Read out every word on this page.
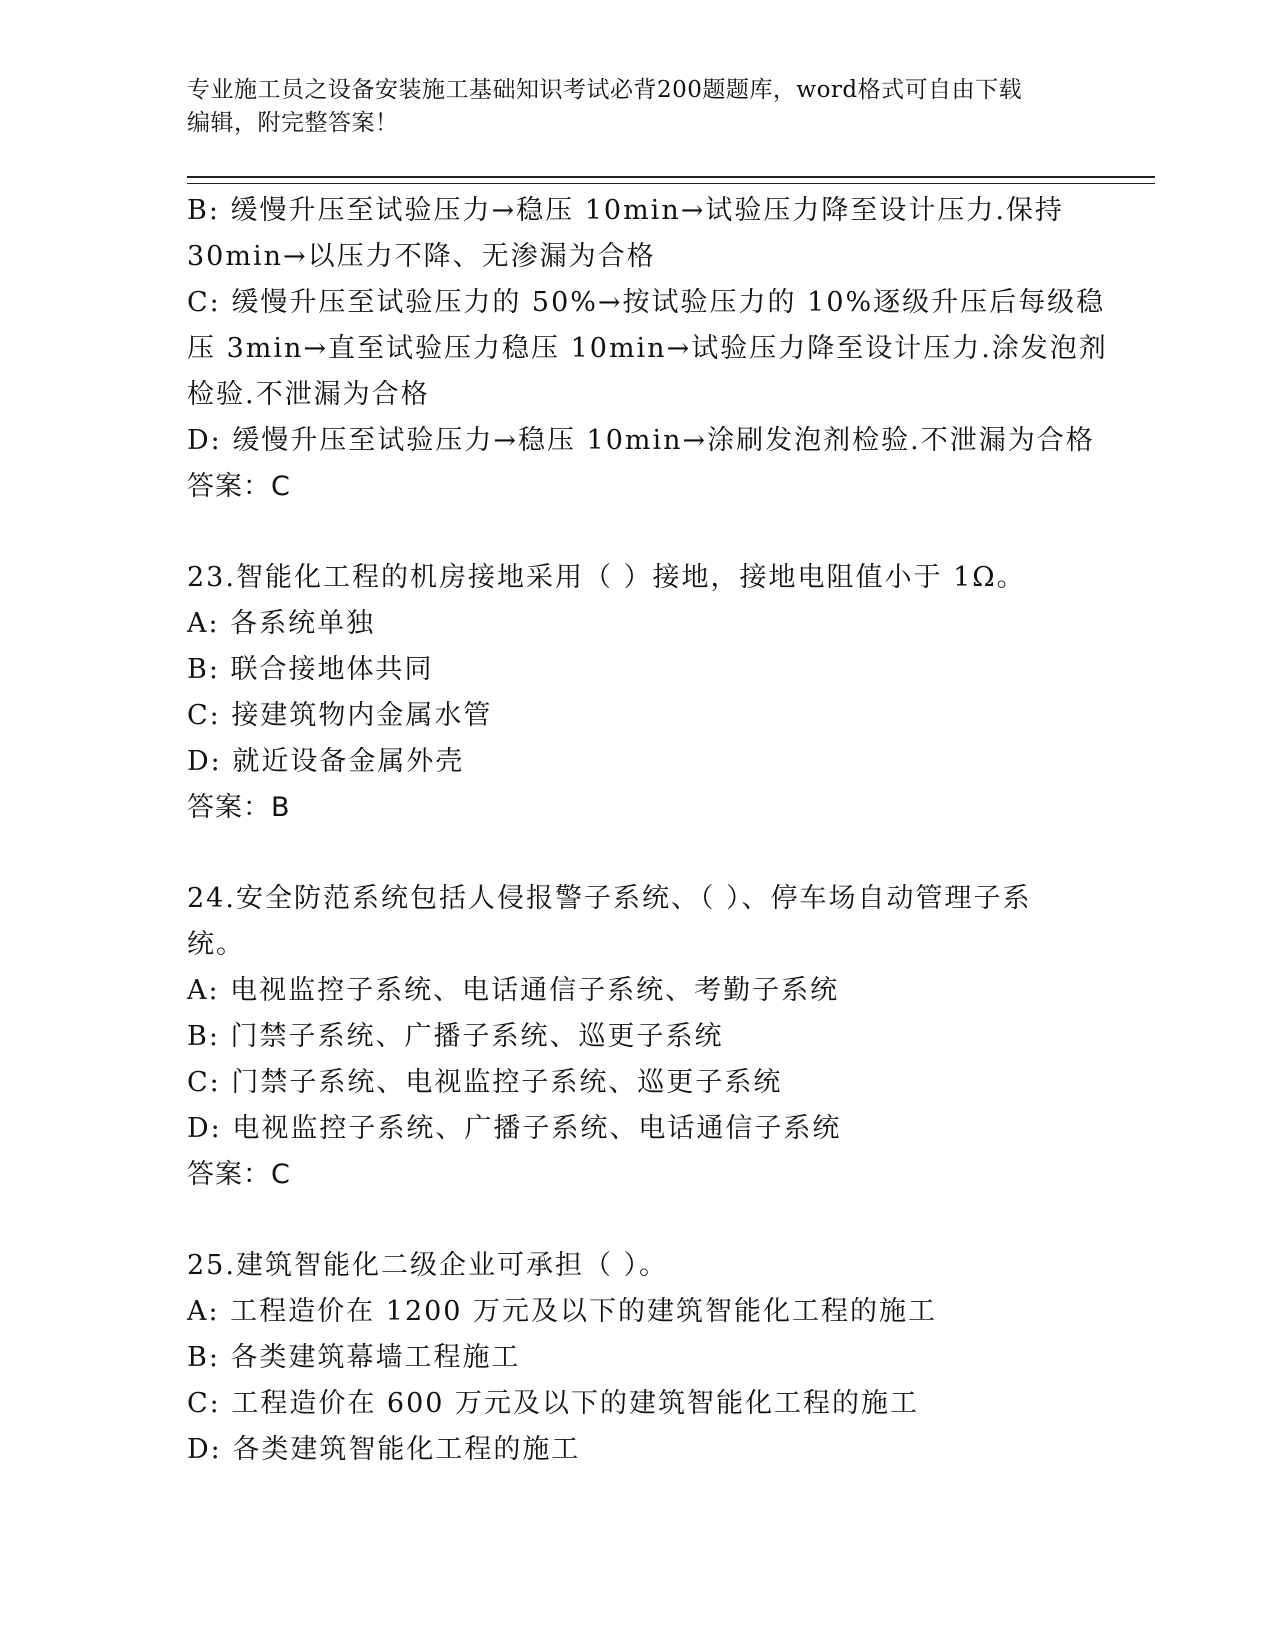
专业施工员之设备安装施工基础知识考试必背200题题库，word格式可自由下载
编辑，附完整答案！
B: 缓慢升压至试验压力→稳压 10min→试验压力降至设计压力.保持
30min→以压力不降、无渗漏为合格
C: 缓慢升压至试验压力的 50%→按试验压力的 10%逐级升压后每级稳
压 3min→直至试验压力稳压 10min→试验压力降至设计压力.涂发泡剂
检验.不泄漏为合格
D: 缓慢升压至试验压力→稳压 10min→涂刷发泡剂检验.不泄漏为合格
答案：C
23.智能化工程的机房接地采用（ ）接地，接地电阻值小于 1Ω。
A: 各系统单独
B: 联合接地体共同
C: 接建筑物内金属水管
D: 就近设备金属外壳
答案：B
24.安全防范系统包括人侵报警子系统、（ ）、停车场自动管理子系
统。
A: 电视监控子系统、电话通信子系统、考勤子系统
B: 门禁子系统、广播子系统、巡更子系统
C: 门禁子系统、电视监控子系统、巡更子系统
D: 电视监控子系统、广播子系统、电话通信子系统
答案：C
25.建筑智能化二级企业可承担（ ）。
A: 工程造价在 1200 万元及以下的建筑智能化工程的施工
B: 各类建筑幕墙工程施工
C: 工程造价在 600 万元及以下的建筑智能化工程的施工
D: 各类建筑智能化工程的施工
